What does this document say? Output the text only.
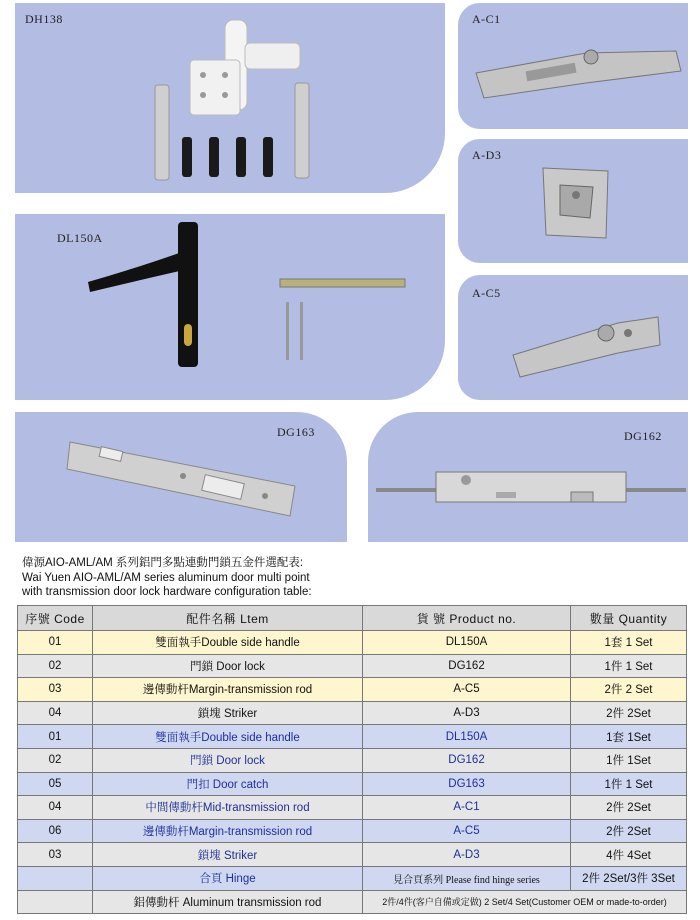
DH138	A-C1
A-D3
DL150A
A-C5
DG163	DG162
偉源AIO-AML/AM 系列鋁門多點連動門鎖五金件選配表:
Wai Yuen AIO-AML/AM series aluminum door multi point
with transmission door lock hardware configuration table:
序號 Code	配件名稱 Ltem	貨 號 Product no.	數量 Quantity
01	雙面執手Double side handle	DL150A	1套 1 Set
02	門鎖 Door lock	DG162	1件 1 Set
03	邊傳動杆Margin-transmission rod	A-C5	2件 2 Set
04	鎖塊 Striker	A-D3	2件 2Set
01	雙面執手Double side handle	DL150A	1套 1Set
02	門鎖 Door lock	DG162	1件 1Set
05	門扣 Door catch	DG163	1件 1 Set
04	中間傳動杆Mid-transmission rod	A-C1	2件 2Set
06	邊傳動杆Margin-transmission rod	A-C5	2件 2Set
03	鎖塊 Striker	A-D3	4件 4Set
	合頁 Hinge	見合頁系列 Please find hinge series	2件 2Set/3件 3Set
	鋁傳動杆 Aluminum transmission rod	2件/4件(客户自備或定做) 2 Set/4 Set(Customer OEM or made-to-order)	
